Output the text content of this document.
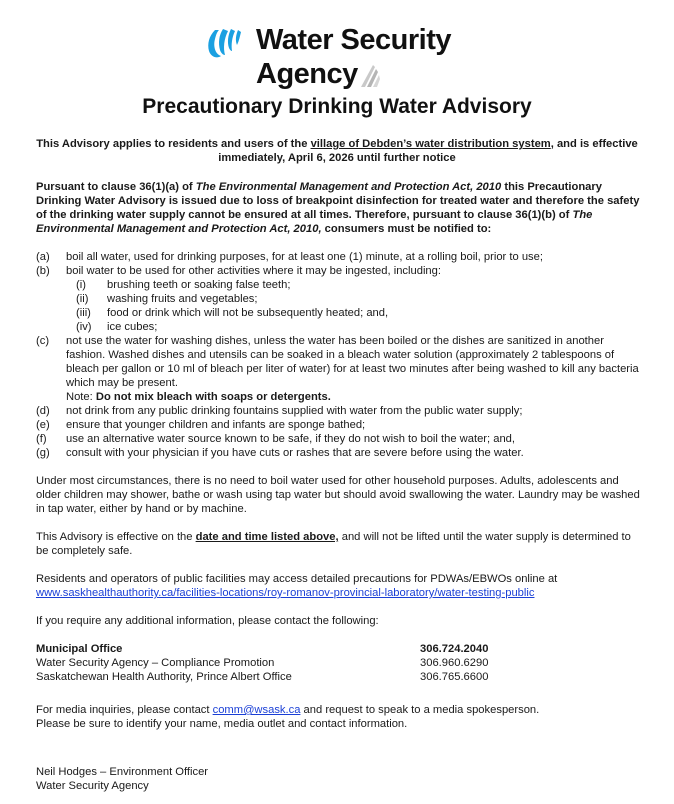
Water Security
Agency
Precautionary Drinking Water Advisory
This Advisory applies to residents and users of the village of Debden’s water distribution system, and is effective immediately, April 6, 2026 until further notice
Pursuant to clause 36(1)(a) of The Environmental Management and Protection Act, 2010 this Precautionary Drinking Water Advisory is issued due to loss of breakpoint disinfection for treated water and therefore the safety of the drinking water supply cannot be ensured at all times. Therefore, pursuant to clause 36(1)(b) of The Environmental Management and Protection Act, 2010, consumers must be notified to:
(a)	boil all water, used for drinking purposes, for at least one (1) minute, at a rolling boil, prior to use;
(b)	boil water to be used for other activities where it may be ingested, including:
(i)	brushing teeth or soaking false teeth;
(ii)	washing fruits and vegetables;
(iii)	food or drink which will not be subsequently heated; and,
(iv)	ice cubes;
(c)	not use the water for washing dishes, unless the water has been boiled or the dishes are sanitized in another fashion. Washed dishes and utensils can be soaked in a bleach water solution (approximately 2 tablespoons of bleach per gallon or 10 ml of bleach per liter of water) for at least two minutes after being washed to kill any bacteria which may be present.
Note: Do not mix bleach with soaps or detergents.
(d)	not drink from any public drinking fountains supplied with water from the public water supply;
(e)	ensure that younger children and infants are sponge bathed;
(f)	use an alternative water source known to be safe, if they do not wish to boil the water; and,
(g)	consult with your physician if you have cuts or rashes that are severe before using the water.
Under most circumstances, there is no need to boil water used for other household purposes. Adults, adolescents and older children may shower, bathe or wash using tap water but should avoid swallowing the water. Laundry may be washed in tap water, either by hand or by machine.
This Advisory is effective on the date and time listed above, and will not be lifted until the water supply is determined to be completely safe.
Residents and operators of public facilities may access detailed precautions for PDWAs/EBWOs online at
www.saskhealthauthority.ca/facilities-locations/roy-romanov-provincial-laboratory/water-testing-public
If you require any additional information, please contact the following:
Municipal Office	306.724.2040
Water Security Agency – Compliance Promotion	306.960.6290
Saskatchewan Health Authority, Prince Albert Office	306.765.6600
For media inquiries, please contact comm@wsask.ca and request to speak to a media spokesperson.
Please be sure to identify your name, media outlet and contact information.
Neil Hodges – Environment Officer
Water Security Agency
